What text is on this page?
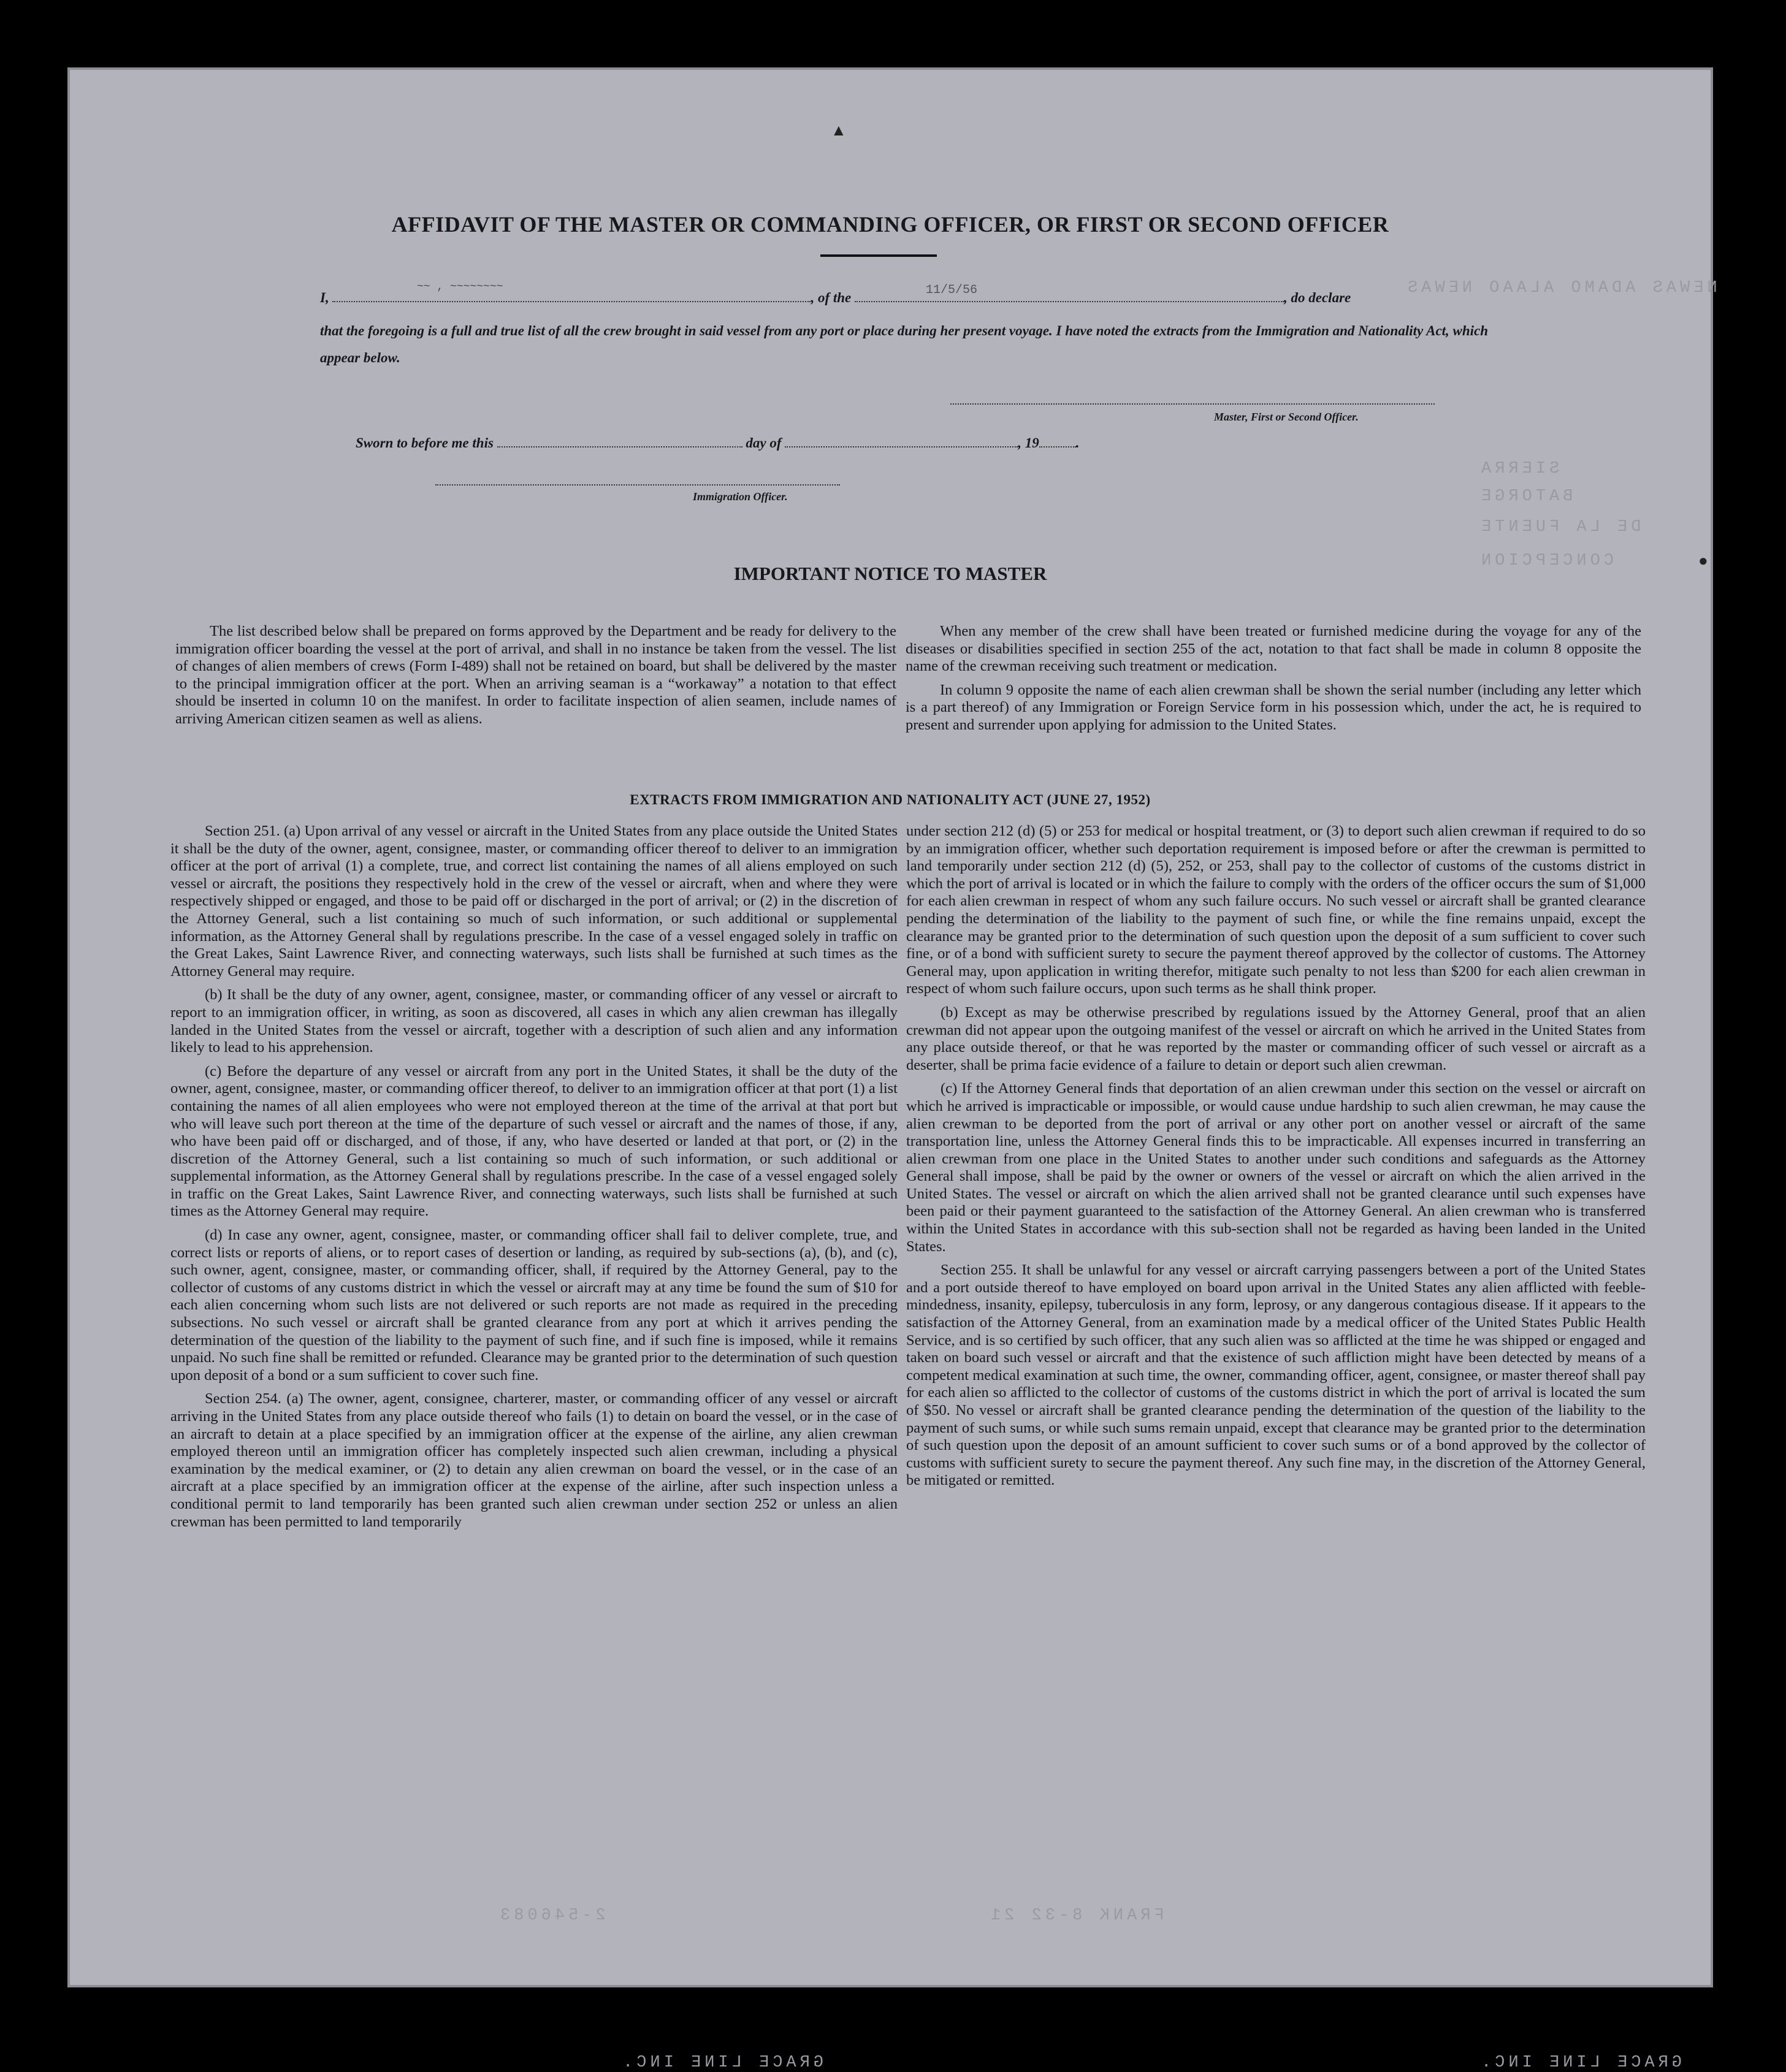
NEWAS ADAMO ALAAO NEWAS
SIERRA
BATORGE
DE LA FUENTE
CONCEPCION
GRACE LINE INC.
2-546083	FRANK 8-32 21
GRACE LINE INC.
AFFIDAVIT OF THE MASTER OR COMMANDING OFFICER, OR FIRST OR SECOND OFFICER
I,	, of the	, do declare
~~ , ~~~~~~~~	11/5/56
that the foregoing is a full and true list of all the crew brought in said vessel from any port or place during her present voyage. I have noted the extracts from the Immigration and Nationality Act, which appear below.
Master, First or Second Officer.
Sworn to before me this	day of	, 19	.
Immigration Officer.
IMPORTANT NOTICE TO MASTER

The list described below shall be prepared on forms approved by the Department and be ready for delivery to the immigration officer boarding the vessel at the port of arrival, and shall in no instance be taken from the vessel. The list of changes of alien members of crews (Form I-489) shall not be retained on board, but shall be delivered by the master to the principal immigration officer at the port. When an arriving seaman is a “workaway” a notation to that effect should be inserted in column 10 on the manifest. In order to facilitate inspection of alien seamen, include names of arriving American citizen seamen as well as aliens.

When any member of the crew shall have been treated or furnished medicine during the voyage for any of the diseases or disabilities specified in section 255 of the act, notation to that fact shall be made in column 8 opposite the name of the crewman receiving such treatment or medication.

In column 9 opposite the name of each alien crewman shall be shown the serial number (including any letter which is a part thereof) of any Immigration or Foreign Service form in his possession which, under the act, he is required to present and surrender upon applying for admission to the United States.

EXTRACTS FROM IMMIGRATION AND NATIONALITY ACT (JUNE 27, 1952)

Section 251. (a) Upon arrival of any vessel or aircraft in the United States from any place outside the United States it shall be the duty of the owner, agent, consignee, master, or commanding officer thereof to deliver to an immigration officer at the port of arrival (1) a complete, true, and correct list containing the names of all aliens employed on such vessel or aircraft, the positions they respectively hold in the crew of the vessel or aircraft, when and where they were respectively shipped or engaged, and those to be paid off or discharged in the port of arrival; or (2) in the discretion of the Attorney General, such a list containing so much of such information, or such additional or supplemental information, as the Attorney General shall by regulations prescribe. In the case of a vessel engaged solely in traffic on the Great Lakes, Saint Lawrence River, and connecting waterways, such lists shall be furnished at such times as the Attorney General may require.

(b) It shall be the duty of any owner, agent, consignee, master, or commanding officer of any vessel or aircraft to report to an immigration officer, in writing, as soon as discovered, all cases in which any alien crewman has illegally landed in the United States from the vessel or aircraft, together with a description of such alien and any information likely to lead to his apprehension.

(c) Before the departure of any vessel or aircraft from any port in the United States, it shall be the duty of the owner, agent, consignee, master, or commanding officer thereof, to deliver to an immigration officer at that port (1) a list containing the names of all alien employees who were not employed thereon at the time of the arrival at that port but who will leave such port thereon at the time of the departure of such vessel or aircraft and the names of those, if any, who have been paid off or discharged, and of those, if any, who have deserted or landed at that port, or (2) in the discretion of the Attorney General, such a list containing so much of such information, or such additional or supplemental information, as the Attorney General shall by regulations prescribe. In the case of a vessel engaged solely in traffic on the Great Lakes, Saint Lawrence River, and connecting waterways, such lists shall be furnished at such times as the Attorney General may require.

(d) In case any owner, agent, consignee, master, or commanding officer shall fail to deliver complete, true, and correct lists or reports of aliens, or to report cases of desertion or landing, as required by sub-sections (a), (b), and (c), such owner, agent, consignee, master, or commanding officer, shall, if required by the Attorney General, pay to the collector of customs of any customs district in which the vessel or aircraft may at any time be found the sum of $10 for each alien concerning whom such lists are not delivered or such reports are not made as required in the preceding subsections. No such vessel or aircraft shall be granted clearance from any port at which it arrives pending the determination of the question of the liability to the payment of such fine, and if such fine is imposed, while it remains unpaid. No such fine shall be remitted or refunded. Clearance may be granted prior to the determination of such question upon deposit of a bond or a sum sufficient to cover such fine.

Section 254. (a) The owner, agent, consignee, charterer, master, or commanding officer of any vessel or aircraft arriving in the United States from any place outside thereof who fails (1) to detain on board the vessel, or in the case of an aircraft to detain at a place specified by an immigration officer at the expense of the airline, any alien crewman employed thereon until an immigration officer has completely inspected such alien crewman, including a physical examination by the medical examiner, or (2) to detain any alien crewman on board the vessel, or in the case of an aircraft at a place specified by an immigration officer at the expense of the airline, after such inspection unless a conditional permit to land temporarily has been granted such alien crewman under section 252 or unless an alien crewman has been permitted to land temporarily

under section 212 (d) (5) or 253 for medical or hospital treatment, or (3) to deport such alien crewman if required to do so by an immigration officer, whether such deportation requirement is imposed before or after the crewman is permitted to land temporarily under section 212 (d) (5), 252, or 253, shall pay to the collector of customs of the customs district in which the port of arrival is located or in which the failure to comply with the orders of the officer occurs the sum of $1,000 for each alien crewman in respect of whom any such failure occurs. No such vessel or aircraft shall be granted clearance pending the determination of the liability to the payment of such fine, or while the fine remains unpaid, except the clearance may be granted prior to the determination of such question upon the deposit of a sum sufficient to cover such fine, or of a bond with sufficient surety to secure the payment thereof approved by the collector of customs. The Attorney General may, upon application in writing therefor, mitigate such penalty to not less than $200 for each alien crewman in respect of whom such failure occurs, upon such terms as he shall think proper.

(b) Except as may be otherwise prescribed by regulations issued by the Attorney General, proof that an alien crewman did not appear upon the outgoing manifest of the vessel or aircraft on which he arrived in the United States from any place outside thereof, or that he was reported by the master or commanding officer of such vessel or aircraft as a deserter, shall be prima facie evidence of a failure to detain or deport such alien crewman.

(c) If the Attorney General finds that deportation of an alien crewman under this section on the vessel or aircraft on which he arrived is impracticable or impossible, or would cause undue hardship to such alien crewman, he may cause the alien crewman to be deported from the port of arrival or any other port on another vessel or aircraft of the same transportation line, unless the Attorney General finds this to be impracticable. All expenses incurred in transferring an alien crewman from one place in the United States to another under such conditions and safeguards as the Attorney General shall impose, shall be paid by the owner or owners of the vessel or aircraft on which the alien arrived in the United States. The vessel or aircraft on which the alien arrived shall not be granted clearance until such expenses have been paid or their payment guaranteed to the satisfaction of the Attorney General. An alien crewman who is transferred within the United States in accordance with this sub-section shall not be regarded as having been landed in the United States.

Section 255. It shall be unlawful for any vessel or aircraft carrying passengers between a port of the United States and a port outside thereof to have employed on board upon arrival in the United States any alien afflicted with feeble-mindedness, insanity, epilepsy, tuberculosis in any form, leprosy, or any dangerous contagious disease. If it appears to the satisfaction of the Attorney General, from an examination made by a medical officer of the United States Public Health Service, and is so certified by such officer, that any such alien was so afflicted at the time he was shipped or engaged and taken on board such vessel or aircraft and that the existence of such affliction might have been detected by means of a competent medical examination at such time, the owner, commanding officer, agent, consignee, or master thereof shall pay for each alien so afflicted to the collector of customs of the customs district in which the port of arrival is located the sum of $50. No vessel or aircraft shall be granted clearance pending the determination of the question of the liability to the payment of such sums, or while such sums remain unpaid, except that clearance may be granted prior to the determination of such question upon the deposit of an amount sufficient to cover such sums or of a bond approved by the collector of customs with sufficient surety to secure the payment thereof. Any such fine may, in the discretion of the Attorney General, be mitigated or remitted.

●
▲
